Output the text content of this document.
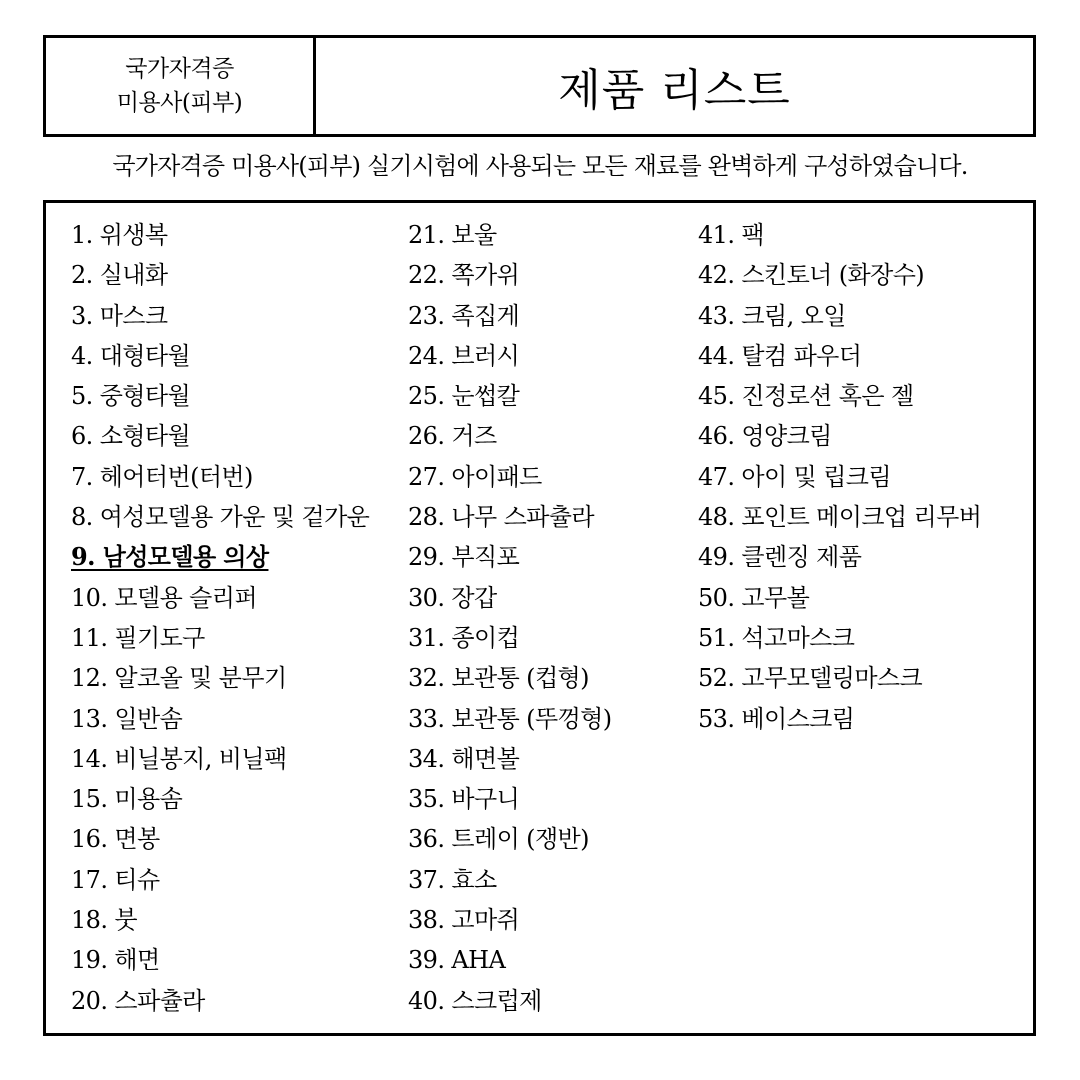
국가자격증
미용사(피부)	제품 리스트
국가자격증 미용사(피부) 실기시험에 사용되는 모든 재료를 완벽하게 구성하였습니다.
1. 위생복
2. 실내화
3. 마스크
4. 대형타월
5. 중형타월
6. 소형타월
7. 헤어터번(터번)
8. 여성모델용 가운 및 겉가운
9. 남성모델용 의상
10. 모델용 슬리퍼
11. 필기도구
12. 알코올 및 분무기
13. 일반솜
14. 비닐봉지, 비닐팩
15. 미용솜
16. 면봉
17. 티슈
18. 붓
19. 해면
20. 스파츌라
21. 보울
22. 쪽가위
23. 족집게
24. 브러시
25. 눈썹칼
26. 거즈
27. 아이패드
28. 나무 스파츌라
29. 부직포
30. 장갑
31. 종이컵
32. 보관통 (컵형)
33. 보관통 (뚜껑형)
34. 해면볼
35. 바구니
36. 트레이 (쟁반)
37. 효소
38. 고마쥐
39. AHA
40. 스크럽제
41. 팩
42. 스킨토너 (화장수)
43. 크림, 오일
44. 탈컴 파우더
45. 진정로션 혹은 젤
46. 영양크림
47. 아이 및 립크림
48. 포인트 메이크업 리무버
49. 클렌징 제품
50. 고무볼
51. 석고마스크
52. 고무모델링마스크
53. 베이스크림
